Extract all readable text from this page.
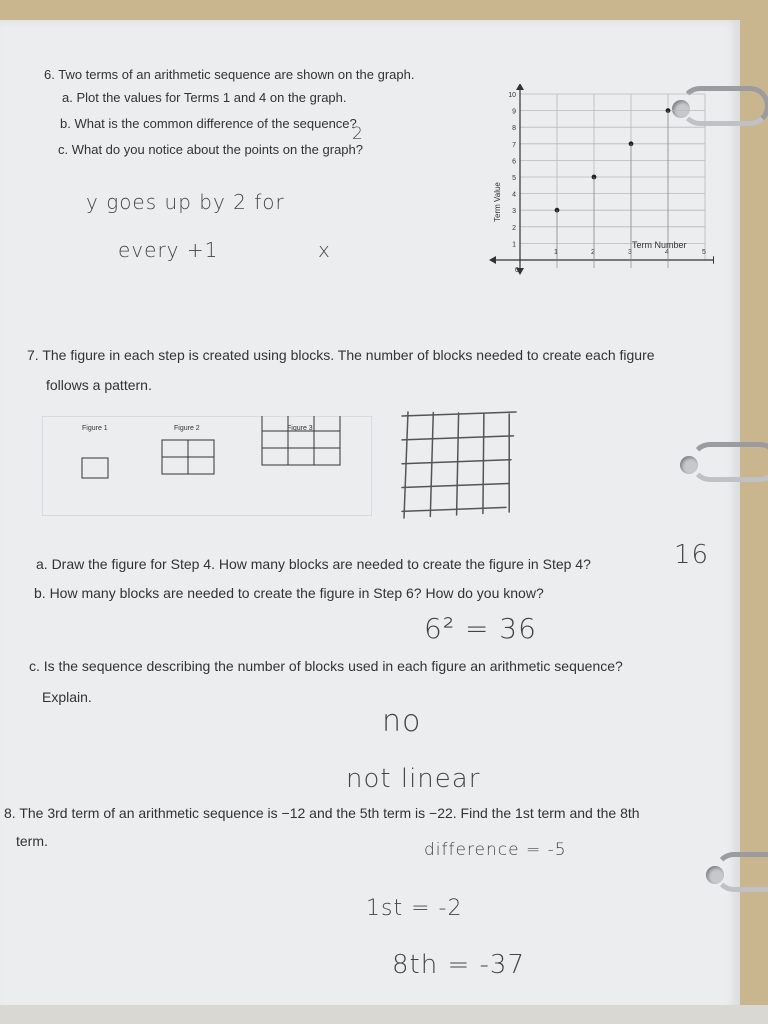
6. Two terms of an arithmetic sequence are shown on the graph.
a. Plot the values for Terms 1 and 4 on the graph.
b. What is the common difference of the sequence?
2
c. What do you notice about the points on the graph?
y goes up by 2 for
every +1	x	1	2	3	4	5
1
2
3
4
5
6
7
8
9
10
Term Value
Term Number
0
7. The figure in each step is created using blocks. The number of blocks needed to create each figure
follows a pattern.
Figure 1	Figure 2	Figure 3
a. Draw the figure for Step 4. How many blocks are needed to create the figure in Step 4?	16
b. How many blocks are needed to create the figure in Step 6? How do you know?
6² = 36
c. Is the sequence describing the number of blocks used in each figure an arithmetic sequence?
Explain.
no
not linear
8. The 3rd term of an arithmetic sequence is −12 and the 5th term is −22. Find the 1st term and the 8th
term.	difference = -5
1st = -2
8th = -37
